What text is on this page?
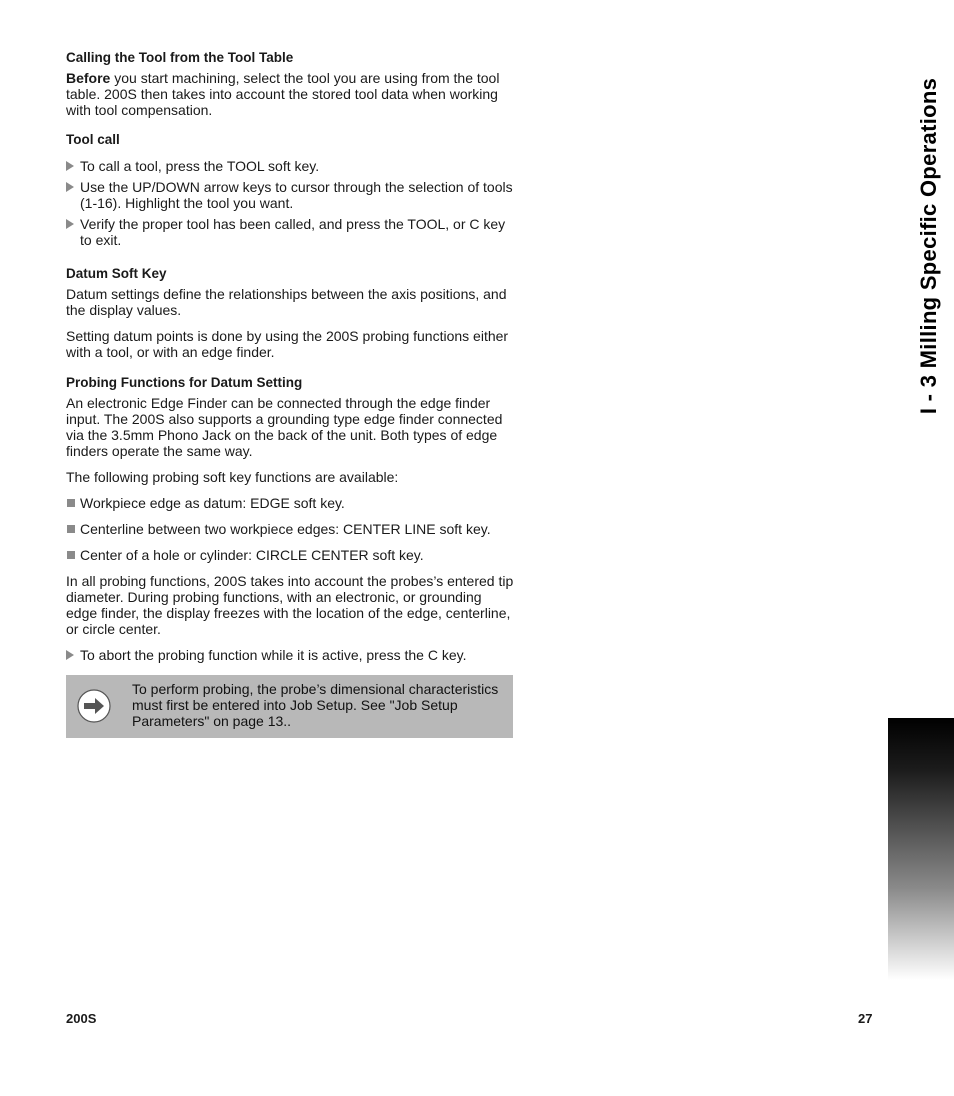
Calling the Tool from the Tool Table

Before you start machining, select the tool you are using from the tool table. 200S then takes into account the stored tool data when working with tool compensation.

Tool call
To call a tool, press the TOOL soft key.
Use the UP/DOWN arrow keys to cursor through the selection of tools (1-16). Highlight the tool you want.
Verify the proper tool has been called, and press the TOOL, or C key to exit.
Datum Soft Key

Datum settings define the relationships between the axis positions, and the display values.

Setting datum points is done by using the 200S probing functions either with a tool, or with an edge finder.

Probing Functions for Datum Setting

An electronic Edge Finder can be connected through the edge finder input. The 200S also supports a grounding type edge finder connected via the 3.5mm Phono Jack on the back of the unit. Both types of edge finders operate the same way.

The following probing soft key functions are available:

Workpiece edge as datum: EDGE soft key.
Centerline between two workpiece edges: CENTER LINE soft key.
Center of a hole or cylinder: CIRCLE CENTER soft key.

In all probing functions, 200S takes into account the probes’s entered tip diameter. During probing functions, with an electronic, or grounding edge finder, the display freezes with the location of the edge, centerline, or circle center.

To abort the probing function while it is active, press the C key.
To perform probing, the probe’s dimensional characteristics must first be entered into Job Setup. See "Job Setup Parameters" on page 13..
I - 3 Milling Specific Operations
200S	27
